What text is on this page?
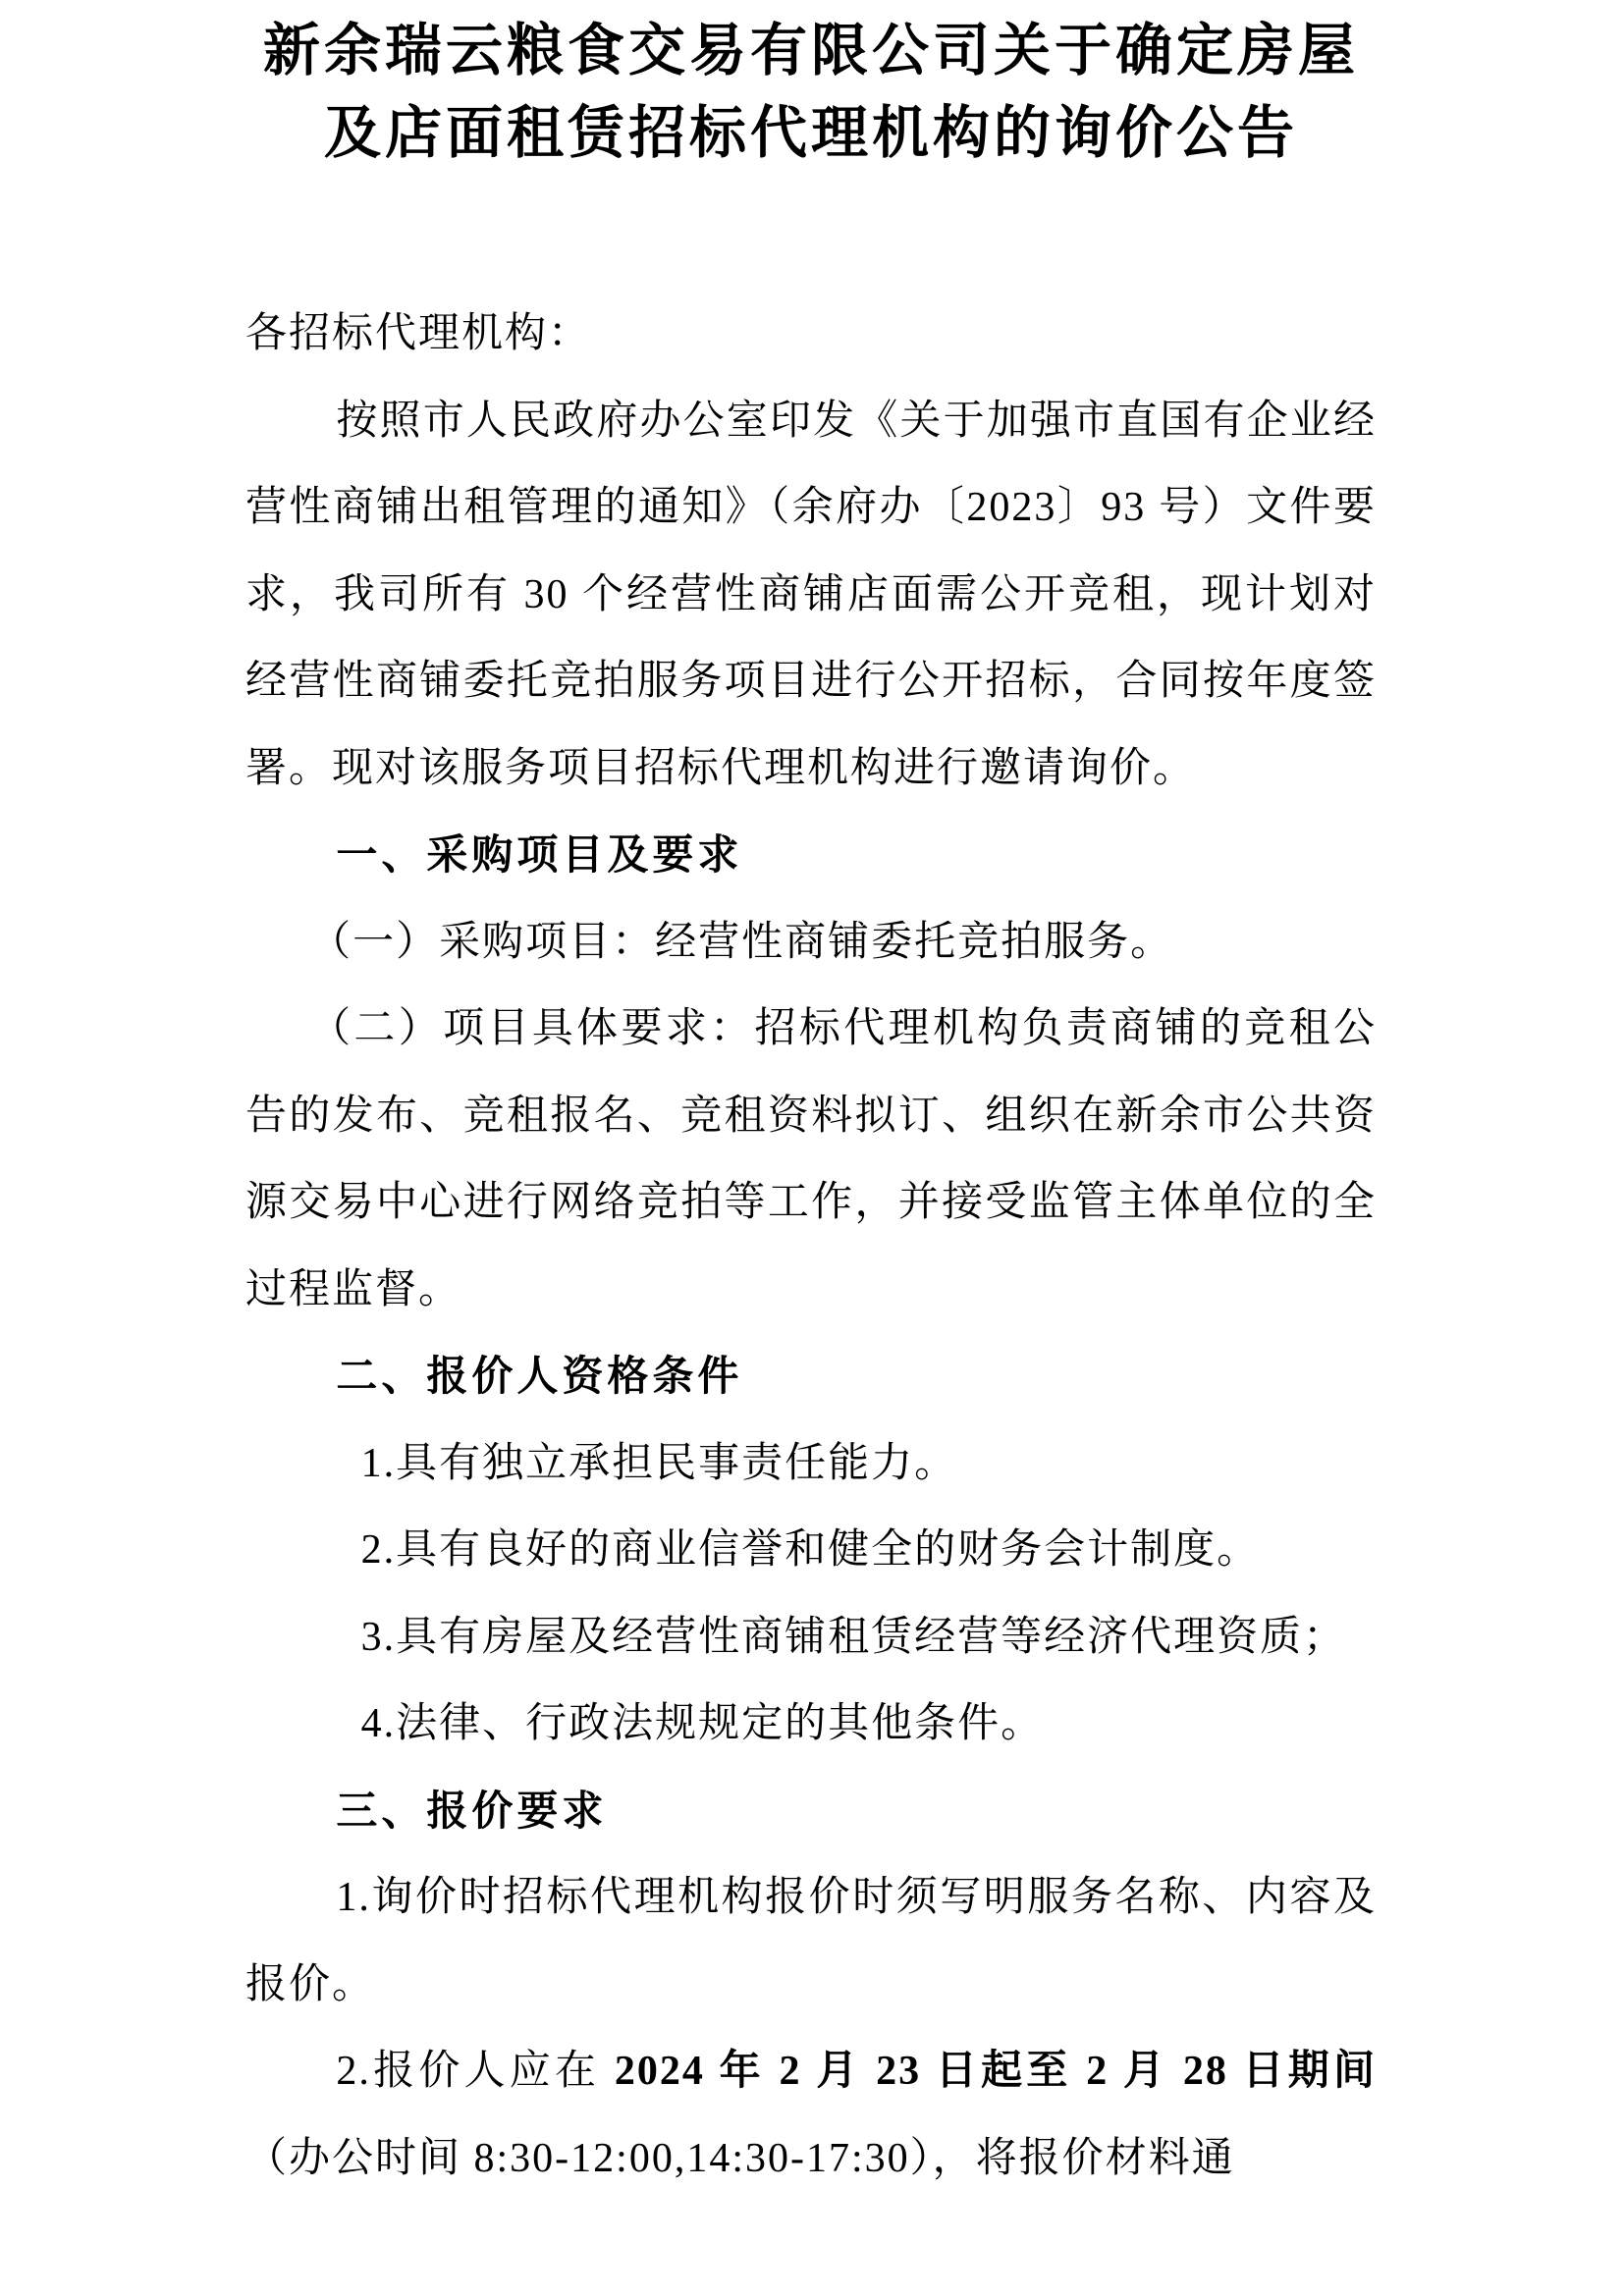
新余瑞云粮食交易有限公司关于确定房屋
及店面租赁招标代理机构的询价公告

各招标代理机构：

按照市人民政府办公室印发《关于加强市直国有企业经营性商铺出租管理的通知》（余府办〔2023〕93 号）文件要求，我司所有 30 个经营性商铺店面需公开竞租，现计划对经营性商铺委托竞拍服务项目进行公开招标，合同按年度签署。现对该服务项目招标代理机构进行邀请询价。

一、采购项目及要求

（一）采购项目：经营性商铺委托竞拍服务。

（二）项目具体要求：招标代理机构负责商铺的竞租公告的发布、竞租报名、竞租资料拟订、组织在新余市公共资源交易中心进行网络竞拍等工作，并接受监管主体单位的全过程监督。

二、报价人资格条件

1.具有独立承担民事责任能力。

2.具有良好的商业信誉和健全的财务会计制度。

3.具有房屋及经营性商铺租赁经营等经济代理资质；

4.法律、行政法规规定的其他条件。

三、报价要求

1.询价时招标代理机构报价时须写明服务名称、内容及报价。

2.报价人应在 2024 年 2 月 23 日起至 2 月 28 日期间（办公时间 8:30-12:00,14:30-17:30），将报价材料通
